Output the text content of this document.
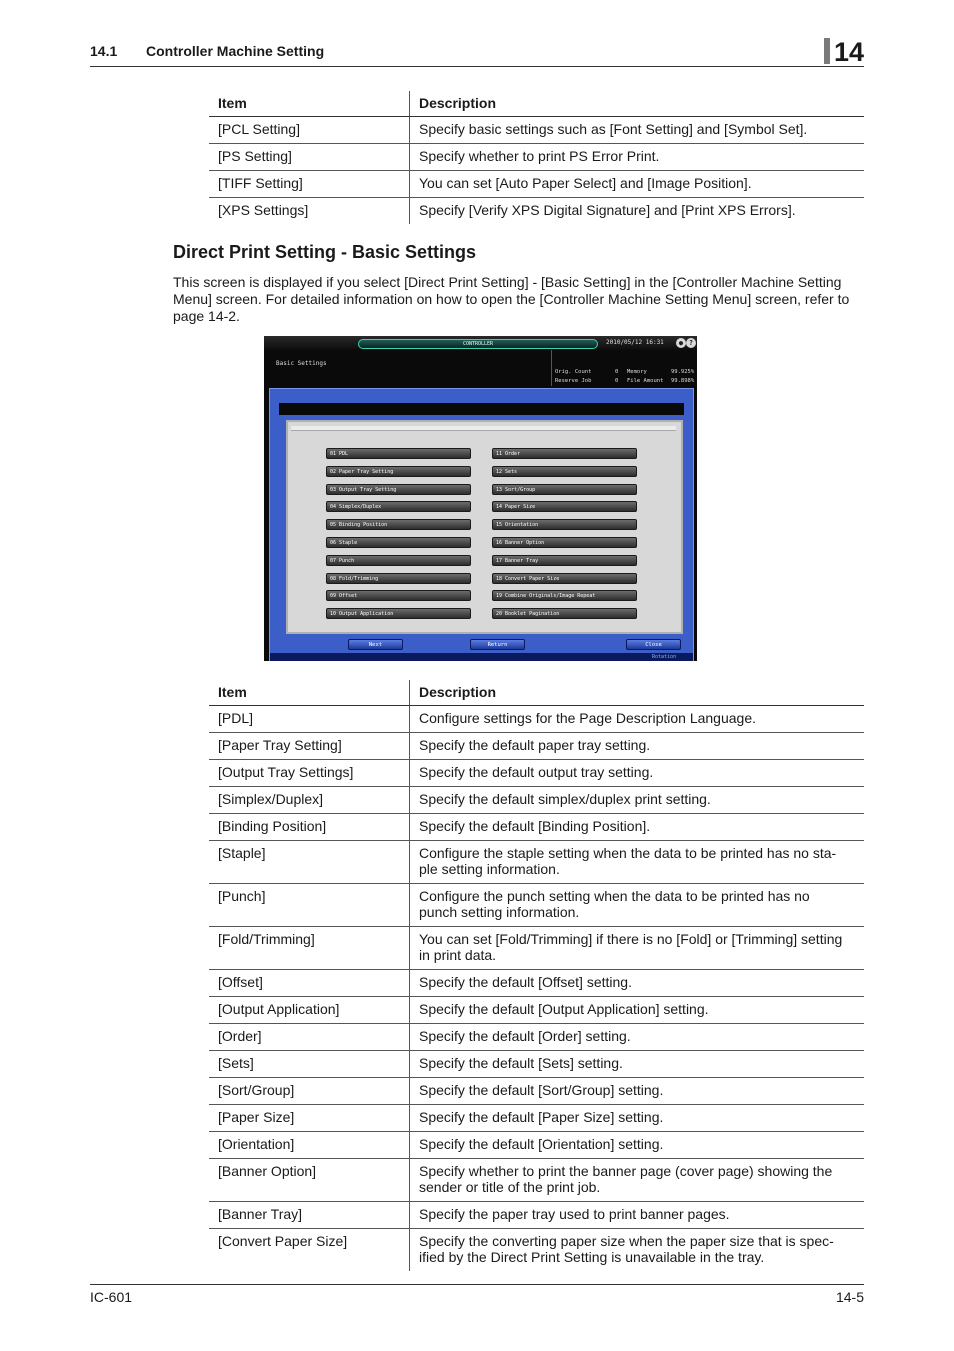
14.1 Controller Machine Setting	14
Item	Description
[PCL Setting]	Specify basic settings such as [Font Setting] and [Symbol Set].
[PS Setting]	Specify whether to print PS Error Print.
[TIFF Setting]	You can set [Auto Paper Select] and [Image Position].
[XPS Settings]	Specify [Verify XPS Digital Signature] and [Print XPS Errors].
Direct Print Setting - Basic Settings
This screen is displayed if you select [Direct Print Setting] - [Basic Setting] in the [Controller Machine Setting Menu] screen. For detailed information on how to open the [Controller Machine Setting Menu] screen, refer to page 14-2.
CONTROLLER	2010/05/12 16:31	● ?
Basic Settings
Orig. Count	0 Memory	99.925%
Reserve Job	0 File Amount 99.898%
01 PDL
02 Paper Tray Setting
03 Output Tray Setting
04 Simplex/Duplex
05 Binding Position
06 Staple
07 Punch
08 Fold/Trimming
09 Offset
10 Output Application
11 Order
12 Sets
13 Sort/Group
14 Paper Size
15 Orientation
16 Banner Option
17 Banner Tray
18 Convert Paper Size
19 Combine Originals/Image Repeat
20 Booklet Pagination
Next	Return	Close
Rotation
Item	Description
[PDL]	Configure settings for the Page Description Language.
[Paper Tray Setting]	Specify the default paper tray setting.
[Output Tray Settings]	Specify the default output tray setting.
[Simplex/Duplex]	Specify the default simplex/duplex print setting.
[Binding Position]	Specify the default [Binding Position].
[Staple]	Configure the staple setting when the data to be printed has no sta-
ple setting information.
[Punch]	Configure the punch setting when the data to be printed has no
punch setting information.
[Fold/Trimming]	You can set [Fold/Trimming] if there is no [Fold] or [Trimming] setting
in print data.
[Offset]	Specify the default [Offset] setting.
[Output Application]	Specify the default [Output Application] setting.
[Order]	Specify the default [Order] setting.
[Sets]	Specify the default [Sets] setting.
[Sort/Group]	Specify the default [Sort/Group] setting.
[Paper Size]	Specify the default [Paper Size] setting.
[Orientation]	Specify the default [Orientation] setting.
[Banner Option]	Specify whether to print the banner page (cover page) showing the
sender or title of the print job.
[Banner Tray]	Specify the paper tray used to print banner pages.
[Convert Paper Size]	Specify the converting paper size when the paper size that is spec-
ified by the Direct Print Setting is unavailable in the tray.
IC-601	14-5
